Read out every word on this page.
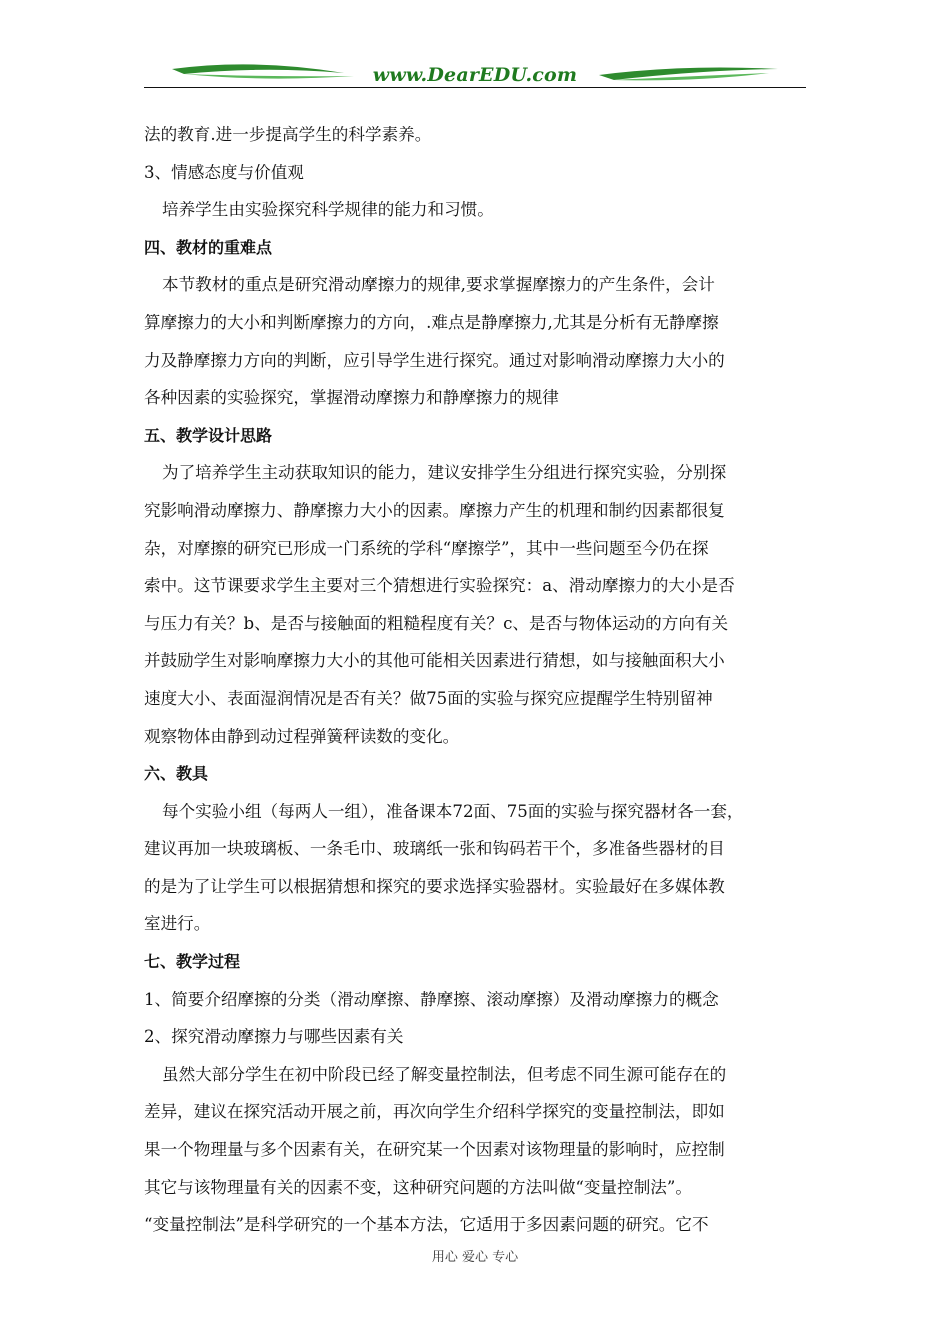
www.DearEDU.com
法的教育.进一步提高学生的科学素养。
3、情感态度与价值观
培养学生由实验探究科学规律的能力和习惯。
四、教材的重难点
本节教材的重点是研究滑动摩擦力的规律,要求掌握摩擦力的产生条件，会计
算摩擦力的大小和判断摩擦力的方向，.难点是静摩擦力,尤其是分析有无静摩擦
力及静摩擦力方向的判断，应引导学生进行探究。通过对影响滑动摩擦力大小的
各种因素的实验探究，掌握滑动摩擦力和静摩擦力的规律
五、教学设计思路
为了培养学生主动获取知识的能力，建议安排学生分组进行探究实验，分别探
究影响滑动摩擦力、静摩擦力大小的因素。摩擦力产生的机理和制约因素都很复
杂，对摩擦的研究已形成一门系统的学科“摩擦学”，其中一些问题至今仍在探
索中。这节课要求学生主要对三个猜想进行实验探究：a、滑动摩擦力的大小是否
与压力有关？b、是否与接触面的粗糙程度有关？c、是否与物体运动的方向有关
并鼓励学生对影响摩擦力大小的其他可能相关因素进行猜想，如与接触面积大小
速度大小、表面湿润情况是否有关？做75面的实验与探究应提醒学生特别留神
观察物体由静到动过程弹簧秤读数的变化。
六、教具
每个实验小组（每两人一组），准备课本72面、75面的实验与探究器材各一套，
建议再加一块玻璃板、一条毛巾、玻璃纸一张和钩码若干个，多准备些器材的目
的是为了让学生可以根据猜想和探究的要求选择实验器材。实验最好在多媒体教
室进行。
七、教学过程
1、简要介绍摩擦的分类（滑动摩擦、静摩擦、滚动摩擦）及滑动摩擦力的概念
2、探究滑动摩擦力与哪些因素有关
虽然大部分学生在初中阶段已经了解变量控制法，但考虑不同生源可能存在的
差异，建议在探究活动开展之前，再次向学生介绍科学探究的变量控制法，即如
果一个物理量与多个因素有关，在研究某一个因素对该物理量的影响时，应控制
其它与该物理量有关的因素不变，这种研究问题的方法叫做“变量控制法”。
“变量控制法”是科学研究的一个基本方法，它适用于多因素问题的研究。它不
用心 爱心 专心
